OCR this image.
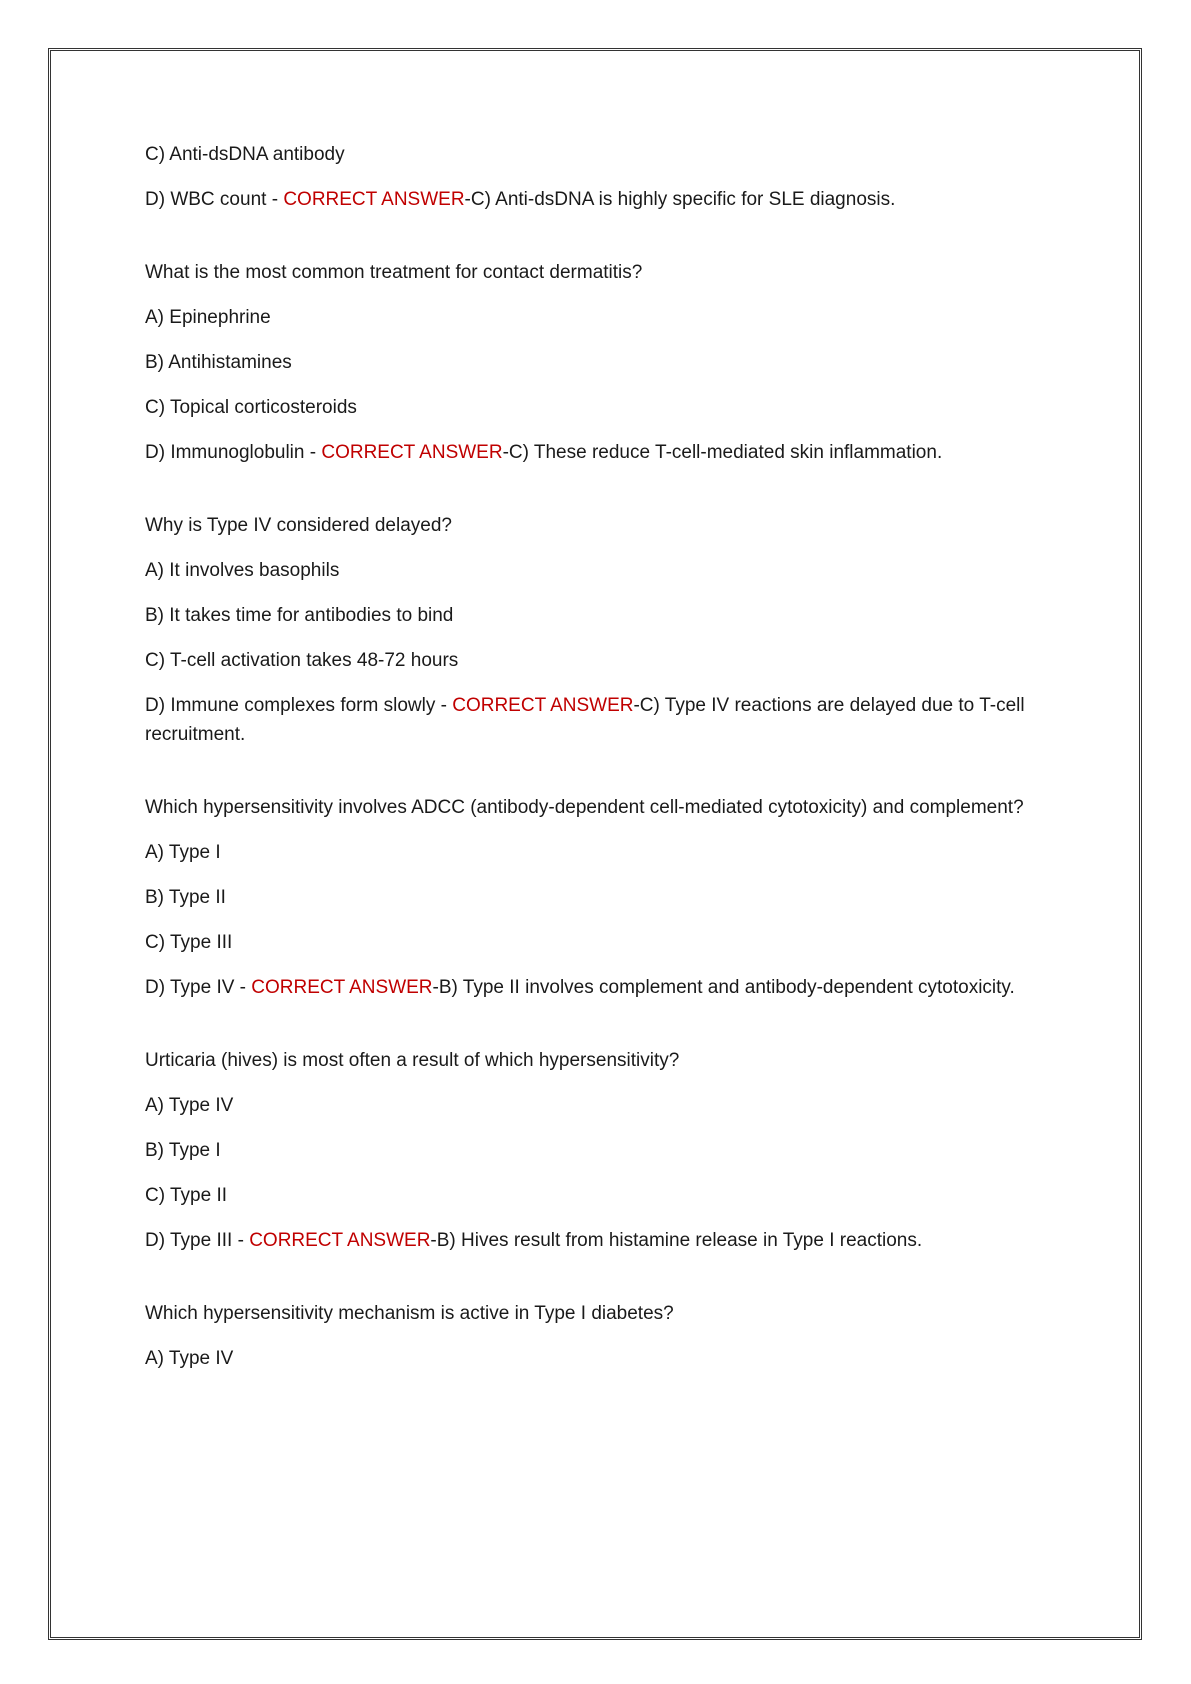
C) Anti-dsDNA antibody

D) WBC count - CORRECT ANSWER-C) Anti-dsDNA is highly specific for SLE diagnosis.

What is the most common treatment for contact dermatitis?

A) Epinephrine

B) Antihistamines

C) Topical corticosteroids

D) Immunoglobulin - CORRECT ANSWER-C) These reduce T-cell-mediated skin inflammation.

Why is Type IV considered delayed?

A) It involves basophils

B) It takes time for antibodies to bind

C) T-cell activation takes 48-72 hours

D) Immune complexes form slowly - CORRECT ANSWER-C) Type IV reactions are delayed due to T-cell recruitment.

Which hypersensitivity involves ADCC (antibody-dependent cell-mediated cytotoxicity) and complement?

A) Type I

B) Type II

C) Type III

D) Type IV - CORRECT ANSWER-B) Type II involves complement and antibody-dependent cytotoxicity.

Urticaria (hives) is most often a result of which hypersensitivity?

A) Type IV

B) Type I

C) Type II

D) Type III - CORRECT ANSWER-B) Hives result from histamine release in Type I reactions.

Which hypersensitivity mechanism is active in Type I diabetes?

A) Type IV
